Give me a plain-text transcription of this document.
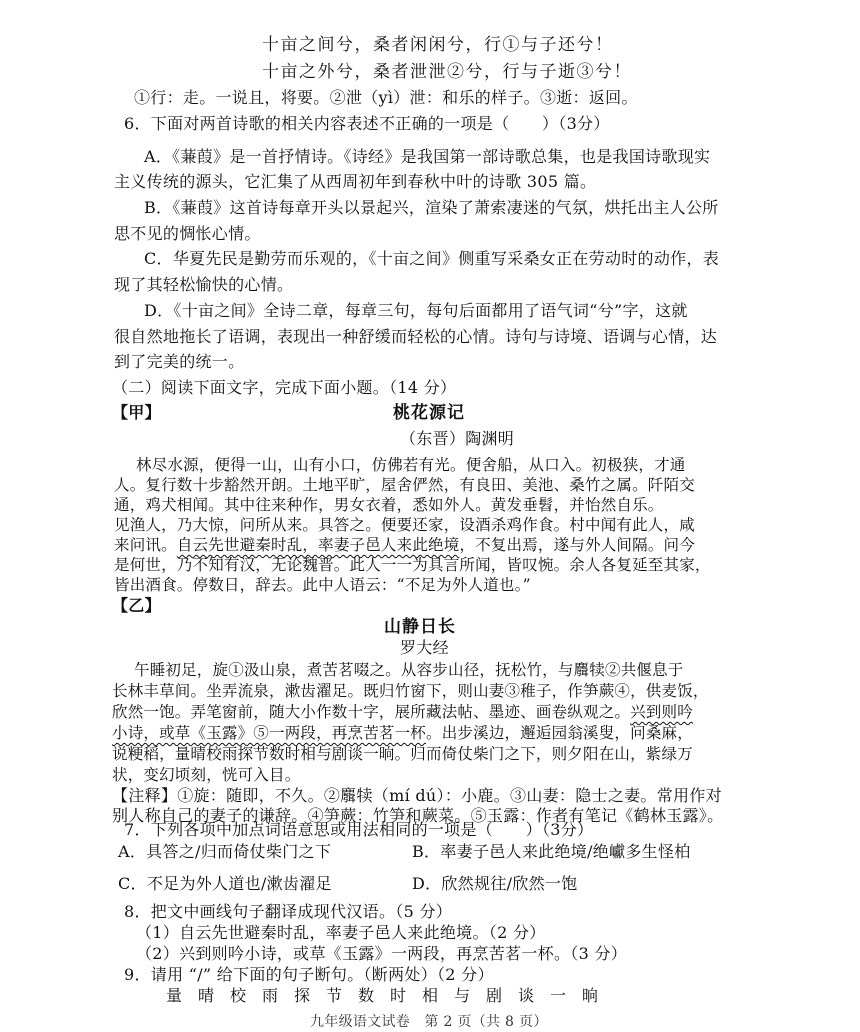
十亩之间兮，桑者闲闲兮，行①与子还兮！
十亩之外兮，桑者泄泄②兮，行与子逝③兮！
①行：走。一说且，将要。②泄（yì）泄：和乐的样子。③逝：返回。
6．下面对两首诗歌的相关内容表述不正确的一项是（　　）（3分）
A．《蒹葭》是一首抒情诗。《诗经》是我国第一部诗歌总集，也是我国诗歌现实
主义传统的源头，它汇集了从西周初年到春秋中叶的诗歌 305 篇。
B．《蒹葭》这首诗每章开头以景起兴，渲染了萧索凄迷的气氛，烘托出主人公所
思不见的惆怅心情。
C．华夏先民是勤劳而乐观的，《十亩之间》侧重写采桑女正在劳动时的动作，表
现了其轻松愉快的心情。
D．《十亩之间》全诗二章，每章三句，每句后面都用了语气词“兮”字，这就
很自然地拖长了语调，表现出一种舒缓而轻松的心情。诗句与诗境、语调与心情，达
到了完美的统一。
（二）阅读下面文字，完成下面小题。（14 分）
【甲】	桃花源记
（东晋）陶渊明
林尽水源，便得一山，山有小口，仿佛若有光。便舍船，从口入。初极狭，才通
人。复行数十步豁然开朗。土地平旷，屋舍俨然，有良田、美池、桑竹之属。阡陌交
通，鸡犬相闻。其中往来种作，男女衣着，悉如外人。黄发垂髫，并怡然自乐。
见渔人，乃大惊，问所从来。具答之。便要还家，设酒杀鸡作食。村中闻有此人，咸
来问讯。自云先世避秦时乱，率妻子邑人来此绝境，不复出焉，遂与外人间隔。问今
是何世，乃不知有汉，无论魏晋。此人一一为具言所闻，皆叹惋。余人各复延至其家，
皆出酒食。停数日，辞去。此中人语云：“不足为外人道也。”
【乙】
山静日长
罗大经
午睡初足，旋①汲山泉，煮苦茗啜之。从容步山径，抚松竹，与麛犊②共偃息于
长林丰草间。坐弄流泉，漱齿濯足。既归竹窗下，则山妻③稚子，作笋蕨④，供麦饭，
欣然一饱。弄笔窗前，随大小作数十字，展所藏法帖、墨迹、画卷纵观之。兴到则吟
小诗，或草《玉露》⑤一两段，再烹苦茗一杯。出步溪边，邂逅园翁溪叟，问桑麻，
说粳稻，量晴校雨探节数时相与剧谈一晌。归而倚仗柴门之下，则夕阳在山，紫绿万
状，变幻顷刻，恍可入目。
【注释】①旋：随即，不久。②麛犊（mí dú）：小鹿。③山妻：隐士之妻。常用作对
别人称自己的妻子的谦辞。④笋蕨：竹笋和蕨菜。⑤玉露：作者有笔记《鹤林玉露》。
7．下列各项中加点词语意思或用法相同的一项是（　　）（3分）
A．具答之/归而倚仗柴门之下	B．率妻子邑人来此绝境/绝巘多生怪柏
C．不足为外人道也/漱齿濯足	D．欣然规往/欣然一饱
8．把文中画线句子翻译成现代汉语。（5 分）
（1）自云先世避秦时乱，率妻子邑人来此绝境。（2 分）
（2）兴到则吟小诗，或草《玉露》一两段，再烹苦茗一杯。（3 分）
9．请用 “/” 给下面的句子断句。（断两处）（2 分）
量晴校雨探节数时相与剧谈一晌
九年级语文试卷　第 2 页（共 8 页）
